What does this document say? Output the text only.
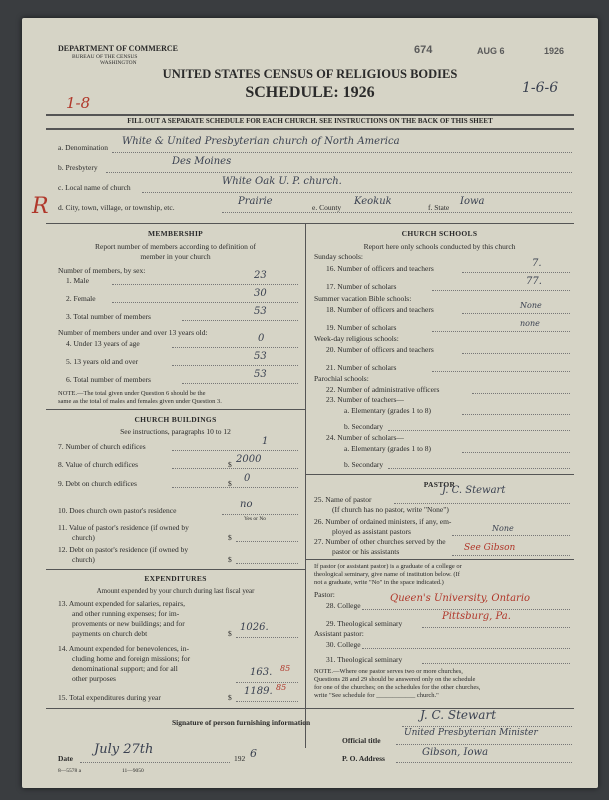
DEPARTMENT OF COMMERCE
BUREAU OF THE CENSUS
WASHINGTON
674	AUG 6	1926
UNITED STATES CENSUS OF RELIGIOUS BODIES
SCHEDULE: 1926
1-8
1-6-6
FILL OUT A SEPARATE SCHEDULE FOR EACH CHURCH. SEE INSTRUCTIONS ON THE BACK OF THIS SHEET
a. Denomination
White & United Presbyterian church of North America
b. Presbytery
Des Moines
c. Local name of church
White Oak U. P. church.
R d. City, town, village, or township, etc.
Prairie
e. County
Keokuk
f. State
Iowa
MEMBERSHIP
Report number of members according to definition of
member in your church
Number of members, by sex:
1. Male	23
2. Female	30
3. Total number of members	53
Number of members under and over 13 years old:
4. Under 13 years of age	0
5. 13 years old and over	53
6. Total number of members	53
NOTE.—The total given under Question 6 should be the
same as the total of males and females given under Question 3.
CHURCH BUILDINGS
See instructions, paragraphs 10 to 12
7. Number of church edifices	1
8. Value of church edifices	$ 2000
9. Debt on church edifices	$ 0
10. Does church own pastor's residence
no
Yes or No
11. Value of pastor's residence (if owned by
church)	$
12. Debt on pastor's residence (if owned by
church)	$
EXPENDITURES
Amount expended by your church during last fiscal year
13. Amount expended for salaries, repairs,
and other running expenses; for im-
provements or new buildings; and for
payments on church debt	$
1026.
14. Amount expended for benevolences, in-
cluding home and foreign missions; for
denominational support; and for all
other purposes
163. 85
15. Total expenditures during year	$
1189. 85
CHURCH SCHOOLS
Report here only schools conducted by this church
Sunday schools:
16. Number of officers and teachers	7.
17. Number of scholars	77.
Summer vacation Bible schools:
18. Number of officers and teachers	None
19. Number of scholars	none
Week-day religious schools:
20. Number of officers and teachers
21. Number of scholars
Parochial schools:
22. Number of administrative officers
23. Number of teachers—
a. Elementary (grades 1 to 8)
b. Secondary
24. Number of scholars—
a. Elementary (grades 1 to 8)
b. Secondary
PASTOR
25. Name of pastor
J. C. Stewart
(If church has no pastor, write "None")
26. Number of ordained ministers, if any, em-
ployed as assistant pastors	None
27. Number of other churches served by the
pastor or his assistants	See Gibson
If pastor (or assistant pastor) is a graduate of a college or
theological seminary, give name of institution below. (If
not a graduate, write "No" in the space indicated.)
Pastor:
28. College
Queen's University, Ontario
29. Theological seminary
Pittsburg, Pa.
Assistant pastor:
30. College
31. Theological seminary
NOTE.—Where one pastor serves two or more churches,
Questions 28 and 29 should be answered only on the schedule
for one of the churches; on the schedules for the other churches,
write "See schedule for ____________ church."
Signature of person furnishing information
J. C. Stewart
Official title
United Presbyterian Minister
Date
July 27th
192 6	P. O. Address
Gibson, Iowa
8—5578 a	11—9050
